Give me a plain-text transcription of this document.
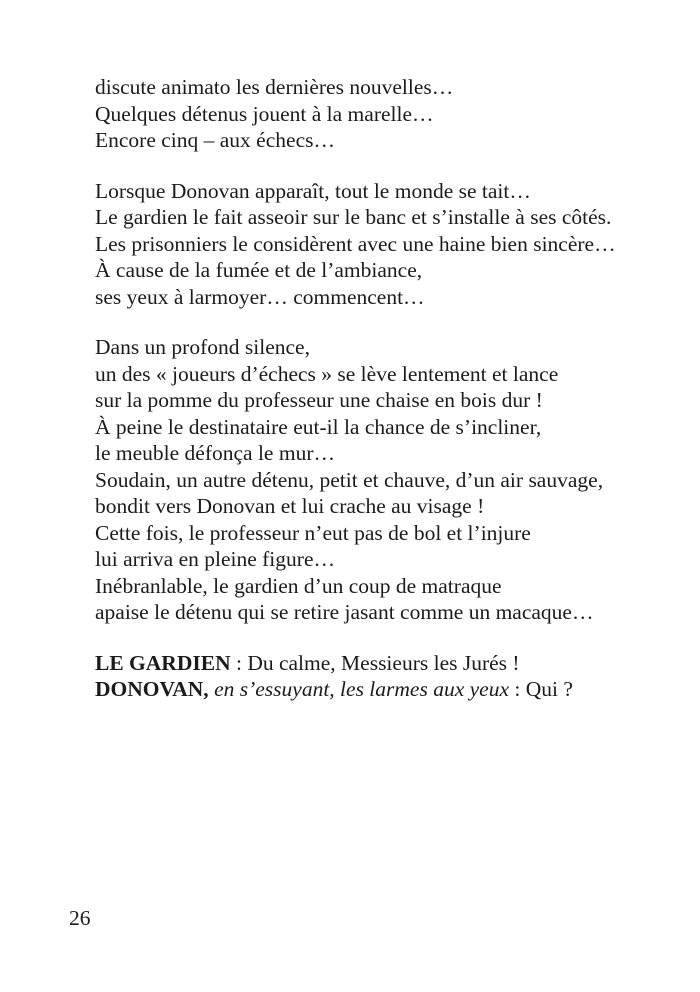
discute animato les dernières nouvelles…
Quelques détenus jouent à la marelle…
Encore cinq – aux échecs…
Lorsque Donovan apparaît, tout le monde se tait…
Le gardien le fait asseoir sur le banc et s’installe à ses côtés.
Les prisonniers le considèrent avec une haine bien sincère…
À cause de la fumée et de l’ambiance,
ses yeux à larmoyer… commencent…
Dans un profond silence,
un des « joueurs d’échecs » se lève lentement et lance
sur la pomme du professeur une chaise en bois dur !
À peine le destinataire eut-il la chance de s’incliner,
le meuble défonça le mur…
Soudain, un autre détenu, petit et chauve, d’un air sauvage,
bondit vers Donovan et lui crache au visage !
Cette fois, le professeur n’eut pas de bol et l’injure
lui arriva en pleine figure…
Inébranlable, le gardien d’un coup de matraque
apaise le détenu qui se retire jasant comme un macaque…
LE GARDIEN : Du calme, Messieurs les Jurés !
DONOVAN, en s’essuyant, les larmes aux yeux : Qui ?
26
